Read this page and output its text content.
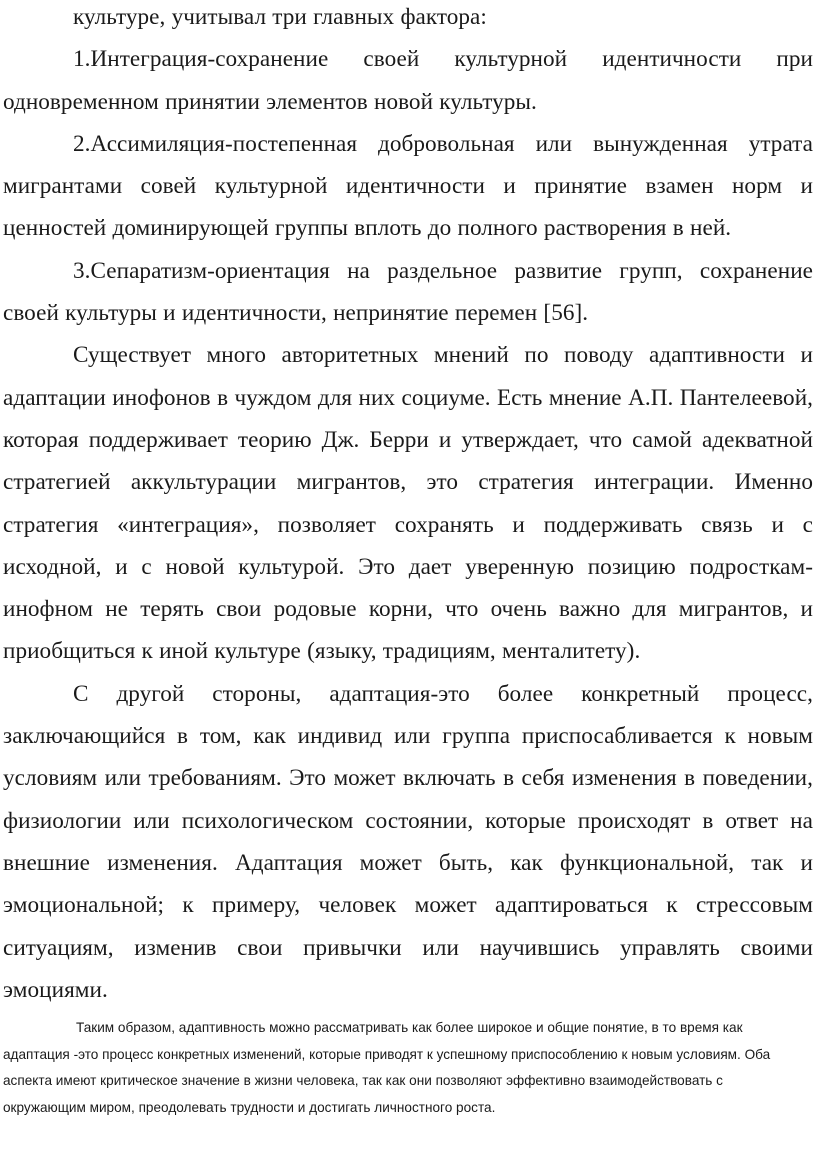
культуре, учитывал три главных фактора:

1.Интеграция-сохранение своей культурной идентичности при одновременном принятии элементов новой культуры.

2.Ассимиляция-постепенная добровольная или вынужденная утрата мигрантами совей культурной идентичности и принятие взамен норм и ценностей доминирующей группы вплоть до полного растворения в ней.

3.Сепаратизм-ориентация на раздельное развитие групп, сохранение своей культуры и идентичности, непринятие перемен [56].

Существует много авторитетных мнений по поводу адаптивности и адаптации инофонов в чуждом для них социуме. Есть мнение А.П. Пантелеевой, которая поддерживает теорию Дж. Берри и утверждает, что самой адекватной стратегией аккультурации мигрантов, это стратегия интеграции. Именно стратегия «интеграция», позволяет сохранять и поддерживать связь и с исходной, и с новой культурой. Это дает уверенную позицию подросткам-инофном не терять свои родовые корни, что очень важно для мигрантов, и приобщиться к иной культуре (языку, традициям, менталитету).

С другой стороны, адаптация-это более конкретный процесс, заключающийся в том, как индивид или группа приспосабливается к новым условиям или требованиям. Это может включать в себя изменения в поведении, физиологии или психологическом состоянии, которые происходят в ответ на внешние изменения. Адаптация может быть, как функциональной, так и эмоциональной; к примеру, человек может адаптироваться к стрессовым ситуациям, изменив свои привычки или научившись управлять своими эмоциями.

Таким образом, адаптивность можно рассматривать как более широкое и общие понятие, в то время как адаптация -это процесс конкретных изменений, которые приводят к успешному приспособлению к новым условиям. Оба аспекта имеют критическое значение в жизни человека, так как они позволяют эффективно взаимодействовать с окружающим миром, преодолевать трудности и достигать личностного роста.
